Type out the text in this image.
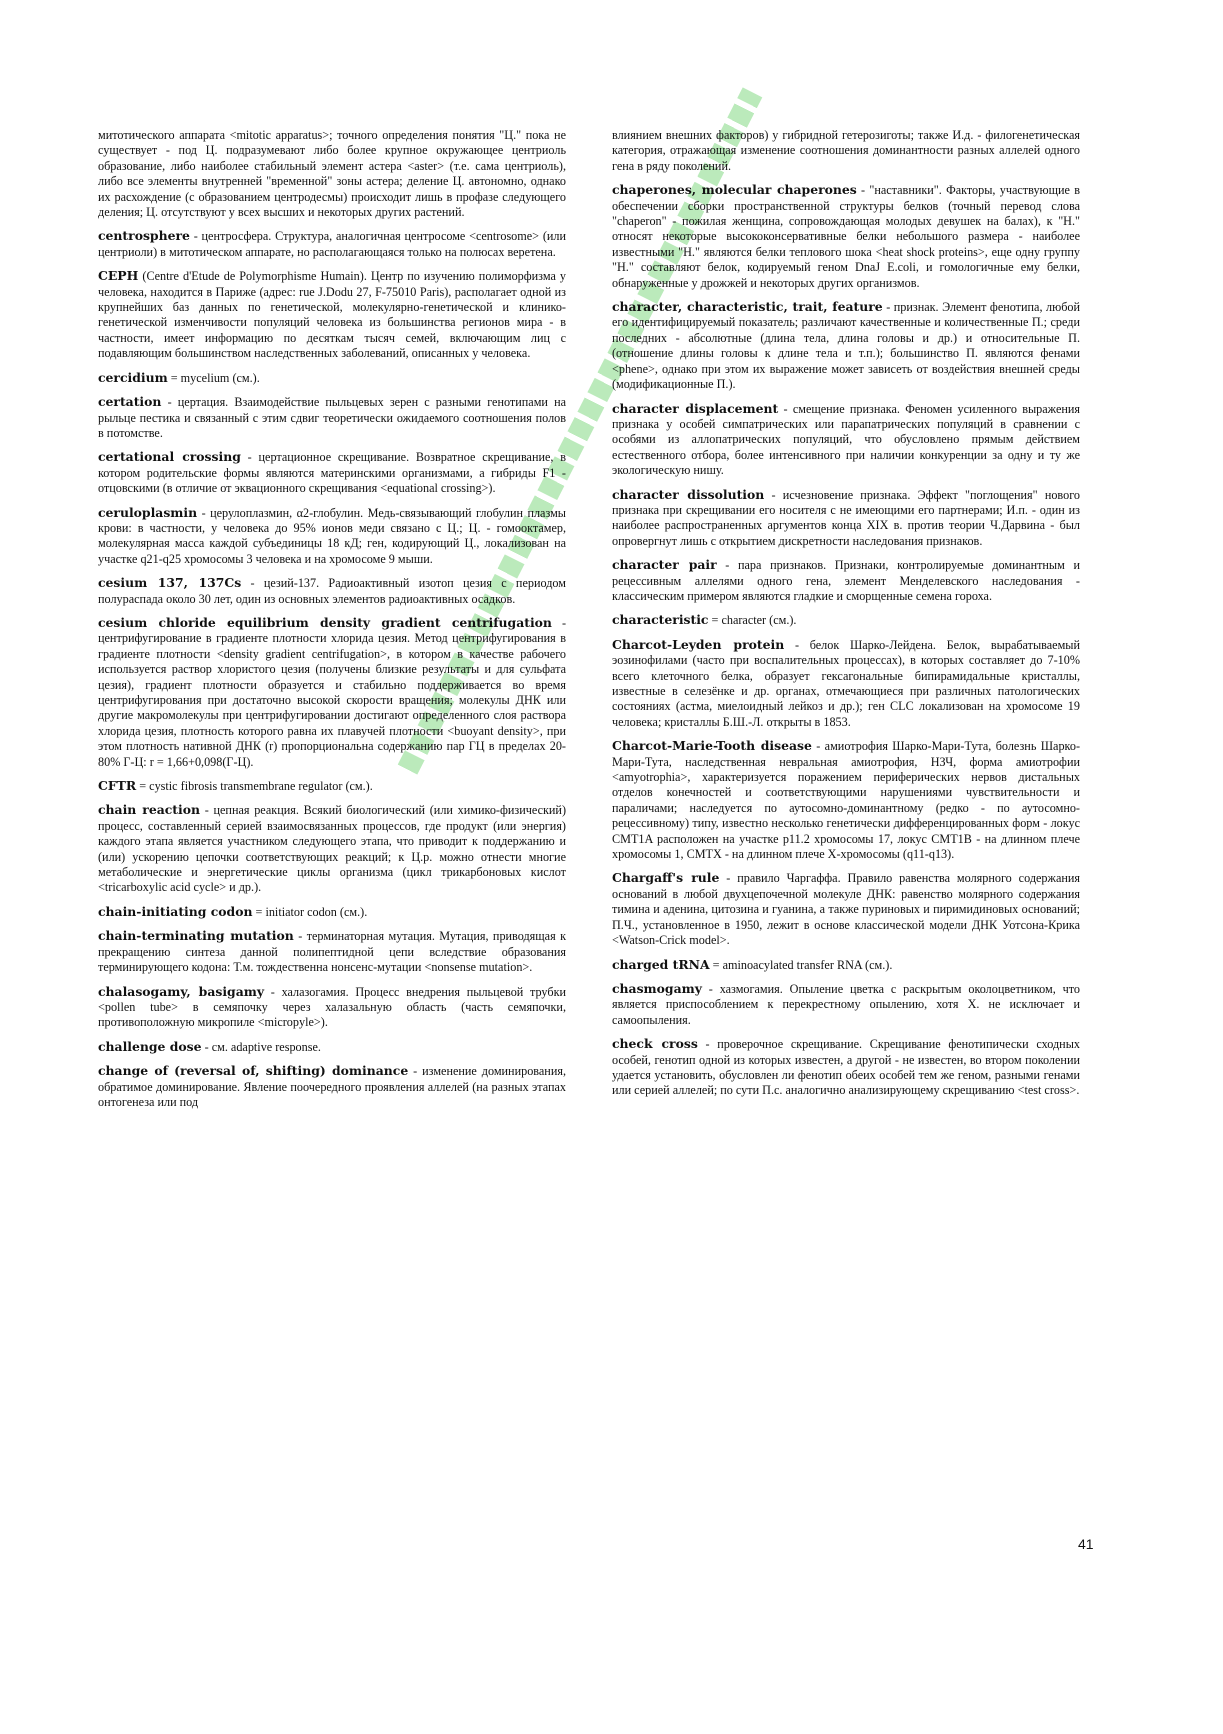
митотического аппарата <mitotic apparatus>; точного определения понятия "Ц." пока не существует - под Ц. подразумевают либо более крупное окружающее центриоль образование, либо наиболее стабильный элемент астера <aster> (т.е. сама центриоль), либо все элементы внутренней "временной" зоны астера; деление Ц. автономно, однако их расхождение (с образованием центродесмы) происходит лишь в профазе следующего деления; Ц. отсутствуют у всех высших и некоторых других растений.

centrosphere - центросфера. Структура, аналогичная центросоме <centrosome> (или центриоли) в митотическом аппарате, но располагающаяся только на полюсах веретена.

CEPH (Centre d'Etude de Polymorphisme Humain). Центр по изучению полиморфизма у человека, находится в Париже (адрес: rue J.Dodu 27, F-75010 Paris), располагает одной из крупнейших баз данных по генетической, молекулярно-генетической и клинико-генетической изменчивости популяций человека из большинства регионов мира - в частности, имеет информацию по десяткам тысяч семей, включающим лиц с подавляющим большинством наследственных заболеваний, описанных у человека.

cercidium = mycelium (см.).

certation - цертация. Взаимодействие пыльцевых зерен с разными генотипами на рыльце пестика и связанный с этим сдвиг теоретически ожидаемого соотношения полов в потомстве.

certational crossing - цертационное скрещивание. Возвратное скрещивание, в котором родительские формы являются материнскими организмами, а гибриды F1 - отцовскими (в отличие от эквационного скрещивания <equational crossing>).

ceruloplasmin - церулоплазмин, α2-глобулин. Медь-связывающий глобулин плазмы крови: в частности, у человека до 95% ионов меди связано с Ц.; Ц. - гомооктамер, молекулярная масса каждой субъединицы 18 кД; ген, кодирующий Ц., локализован на участке q21-q25 хромосомы 3 человека и на хромосоме 9 мыши.

cesium 137, 137Cs - цезий-137. Радиоактивный изотоп цезия с периодом полураспада около 30 лет, один из основных элементов радиоактивных осадков.

cesium chloride equilibrium density gradient centrifugation - центрифугирование в градиенте плотности хлорида цезия. Метод центрифугирования в градиенте плотности <density gradient centrifugation>, в котором в качестве рабочего используется раствор хлористого цезия (получены близкие результаты и для сульфата цезия), градиент плотности образуется и стабильно поддерживается во время центрифугирования при достаточно высокой скорости вращения; молекулы ДНК или другие макромолекулы при центрифугировании достигают определенного слоя раствора хлорида цезия, плотность которого равна их плавучей плотности <buoyant density>, при этом плотность нативной ДНК (r) пропорциональна содержанию пар ГЦ в пределах 20-80% Г-Ц: r = 1,66+0,098(Г-Ц).

CFTR = cystic fibrosis transmembrane regulator (см.).

chain reaction - цепная реакция. Всякий биологический (или химико-физический) процесс, составленный серией взаимосвязанных процессов, где продукт (или энергия) каждого этапа является участником следующего этапа, что приводит к поддержанию и (или) ускорению цепочки соответствующих реакций; к Ц.р. можно отнести многие метаболические и энергетические циклы организма (цикл трикарбоновых кислот <tricarboxylic acid cycle> и др.).

chain-initiating codon = initiator codon (см.).

chain-terminating mutation - терминаторная мутация. Мутация, приводящая к прекращению синтеза данной полипептидной цепи вследствие образования терминирующего кодона: Т.м. тождественна нонсенс-мутации <nonsense mutation>.

chalasogamy, basigamy - халазогамия. Процесс внедрения пыльцевой трубки <pollen tube> в семяпочку через халазальную область (часть семяпочки, противоположную микропиле <micropyle>).

challenge dose - см. adaptive response.

change of (reversal of, shifting) dominance - изменение доминирования, обратимое доминирование. Явление поочередного проявления аллелей (на разных этапах онтогенеза или под

влиянием внешних факторов) у гибридной гетерозиготы; также И.д. - филогенетическая категория, отражающая изменение соотношения доминантности разных аллелей одного гена в ряду поколений.

chaperones, molecular chaperones - "наставники". Факторы, участвующие в обеспечении сборки пространственной структуры белков (точный перевод слова "chaperon" - пожилая женщина, сопровождающая молодых девушек на балах), к "Н." относят некоторые высококонсервативные белки небольшого размера - наиболее известными "Н." являются белки теплового шока <heat shock proteins>, еще одну группу "Н." составляют белок, кодируемый геном DnaJ E.coli, и гомологичные ему белки, обнаруженные у дрожжей и некоторых других организмов.

character, characteristic, trait, feature - признак. Элемент фенотипа, любой его идентифицируемый показатель; различают качественные и количественные П.; среди последних - абсолютные (длина тела, длина головы и др.) и относительные П. (отношение длины головы к длине тела и т.п.); большинство П. являются фенами <phene>, однако при этом их выражение может зависеть от воздействия внешней среды (модификационные П.).

character displacement - смещение признака. Феномен усиленного выражения признака у особей симпатрических или парапатрических популяций в сравнении с особями из аллопатрических популяций, что обусловлено прямым действием естественного отбора, более интенсивного при наличии конкуренции за одну и ту же экологическую нишу.

character dissolution - исчезновение признака. Эффект "поглощения" нового признака при скрещивании его носителя с не имеющими его партнерами; И.п. - один из наиболее распространенных аргументов конца XIX в. против теории Ч.Дарвина - был опровергнут лишь с открытием дискретности наследования признаков.

character pair - пара признаков. Признаки, контролируемые доминантным и рецессивным аллелями одного гена, элемент Менделевского наследования - классическим примером являются гладкие и сморщенные семена гороха.

characteristic = character (см.).

Charcot-Leyden protein - белок Шарко-Лейдена. Белок, вырабатываемый эозинофилами (часто при воспалительных процессах), в которых составляет до 7-10% всего клеточного белка, образует гексагональные бипирамидальные кристаллы, известные в селезёнке и др. органах, отмечающиеся при различных патологических состояниях (астма, миелоидный лейкоз и др.); ген CLC локализован на хромосоме 19 человека; кристаллы Б.Ш.-Л. открыты в 1853.

Charcot-Marie-Tooth disease - амиотрофия Шарко-Мари-Тута, болезнь Шарко-Мари-Тута, наследственная невральная амиотрофия, НЗЧ, форма амиотрофии <amyotrophia>, характеризуется поражением периферических нервов дистальных отделов конечностей и соответствующими нарушениями чувствительности и параличами; наследуется по аутосомно-доминантному (редко - по аутосомно-рецессивному) типу, известно несколько генетически дифференцированных форм - локус CMT1A расположен на участке p11.2 хромосомы 17, локус CMT1B - на длинном плече хромосомы 1, CMTX - на длинном плече X-хромосомы (q11-q13).

Chargaff's rule - правило Чаргаффа. Правило равенства молярного содержания оснований в любой двухцепочечной молекуле ДНК: равенство молярного содержания тимина и аденина, цитозина и гуанина, а также пуриновых и пиримидиновых оснований; П.Ч., установленное в 1950, лежит в основе классической модели ДНК Уотсона-Крика <Watson-Crick model>.

charged tRNA = aminoacylated transfer RNA (см.).

chasmogamy - хазмогамия. Опыление цветка с раскрытым околоцветником, что является приспособлением к перекрестному опылению, хотя Х. не исключает и самоопыления.

check cross - проверочное скрещивание. Скрещивание фенотипически сходных особей, генотип одной из которых известен, а другой - не известен, во втором поколении удается установить, обусловлен ли фенотип обеих особей тем же геном, разными генами или серией аллелей; по сути П.с. аналогично анализирующему скрещиванию <test cross>.

41
